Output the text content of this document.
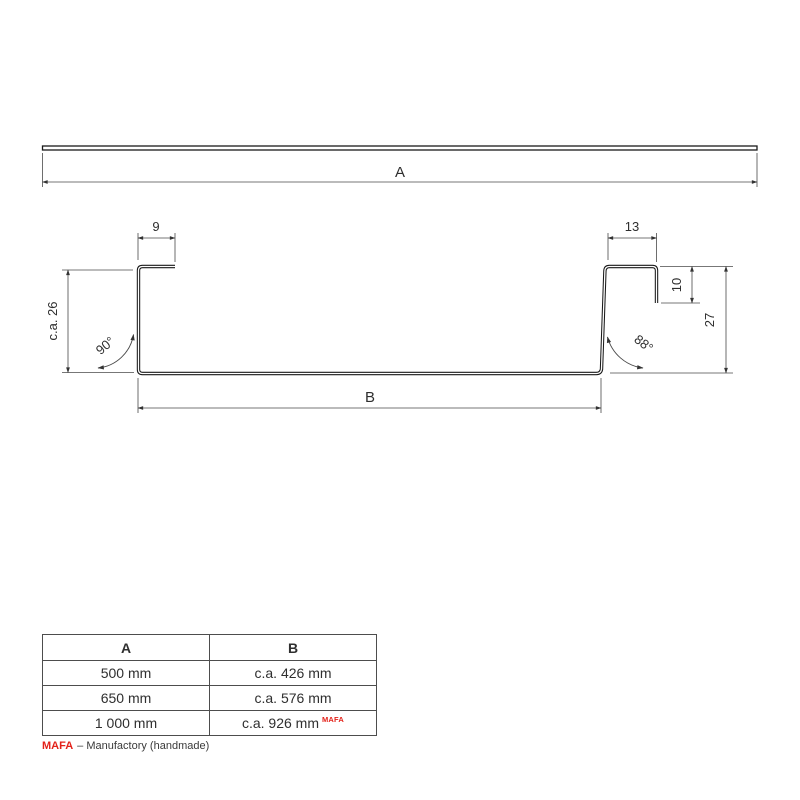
A
9	13
c.a. 26
90°	88°
10
27
B
A	B
500 mm	c.a. 426 mm
650 mm	c.a. 576 mm
1 000 mm	c.a. 926 mm $^{MAFA}$
MAFA – Manufactory (handmade)
